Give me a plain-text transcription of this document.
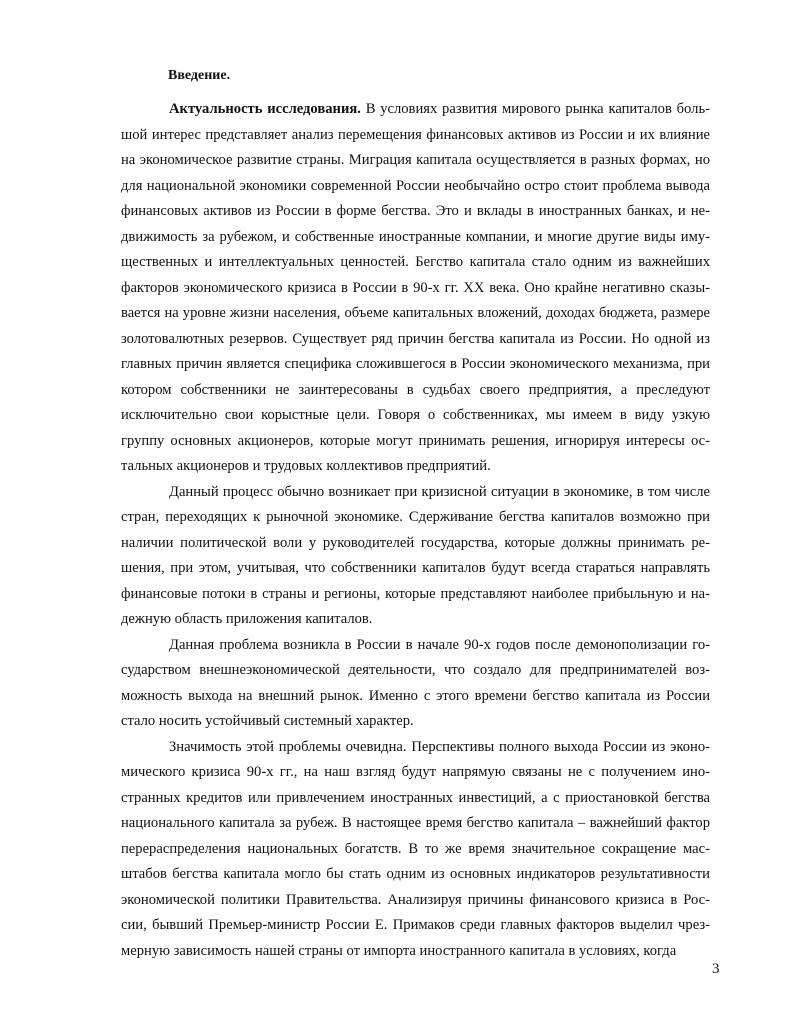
Введение.

Актуальность исследования. В условиях развития мирового рынка капиталов большой интерес представляет анализ перемещения финансовых активов из России и их влияние на экономическое развитие страны. Миграция капитала осуществляется в разных формах, но для национальной экономики современной России необычайно остро стоит проблема вывода финансовых активов из России в форме бегства. Это и вклады в иностранных банках, и недвижимость за рубежом, и собственные иностранные компании, и многие другие виды имущественных и интеллектуальных ценностей. Бегство капитала стало одним из важнейших факторов экономического кризиса в России в 90-х гг. XX века. Оно крайне негативно сказывается на уровне жизни населения, объеме капитальных вложений, доходах бюджета, размере золотовалютных резервов. Существует ряд причин бегства капитала из России. Но одной из главных причин является специфика сложившегося в России экономического механизма, при котором собственники не заинтересованы в судьбах своего предприятия, а преследуют исключительно свои корыстные цели. Говоря о собственниках, мы имеем в виду узкую группу основных акционеров, которые могут принимать решения, игнорируя интересы остальных акционеров и трудовых коллективов предприятий.

Данный процесс обычно возникает при кризисной ситуации в экономике, в том числе стран, переходящих к рыночной экономике. Сдерживание бегства капиталов возможно при наличии политической воли у руководителей государства, которые должны принимать решения, при этом, учитывая, что собственники капиталов будут всегда стараться направлять финансовые потоки в страны и регионы, которые представляют наиболее прибыльную и надежную область приложения капиталов.

Данная проблема возникла в России в начале 90-х годов после демонополизации государством внешнеэкономической деятельности, что создало для предпринимателей возможность выхода на внешний рынок. Именно с этого времени бегство капитала из России стало носить устойчивый системный характер.

Значимость этой проблемы очевидна. Перспективы полного выхода России из экономического кризиса 90-х гг., на наш взгляд будут напрямую связаны не с получением иностранных кредитов или привлечением иностранных инвестиций, а с приостановкой бегства национального капитала за рубеж. В настоящее время бегство капитала – важнейший фактор перераспределения национальных богатств. В то же время значительное сокращение масштабов бегства капитала могло бы стать одним из основных индикаторов результативности экономической политики Правительства. Анализируя причины финансового кризиса в России, бывший Премьер-министр России Е. Примаков среди главных факторов выделил чрезмерную зависимость нашей страны от импорта иностранного капитала в условиях, когда

3
